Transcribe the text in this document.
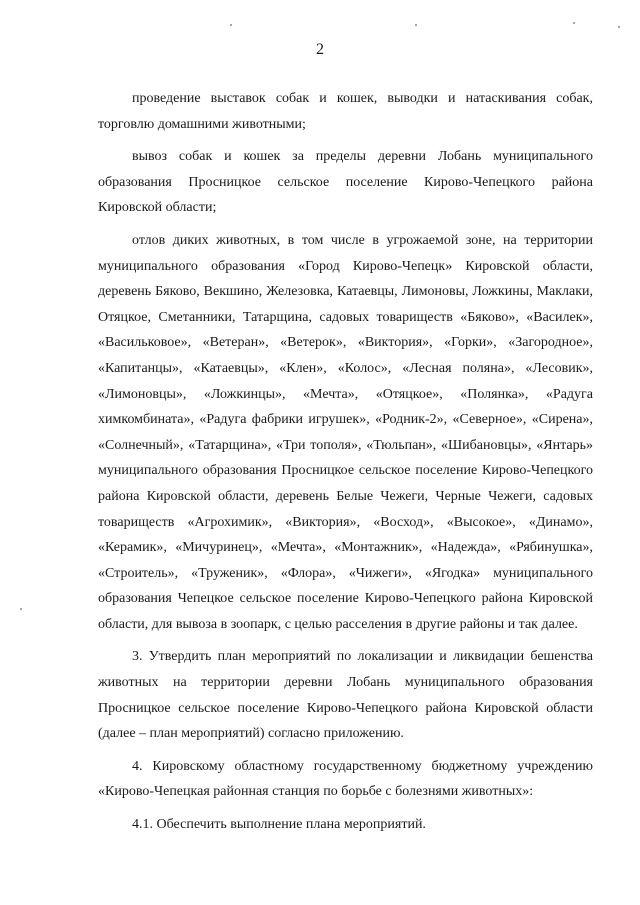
2

проведение выставок собак и кошек, выводки и натаскивания собак, торговлю домашними животными;

вывоз собак и кошек за пределы деревни Лобань муниципального образования Просницкое сельское поселение Кирово-Чепецкого района Кировской области;

отлов диких животных, в том числе в угрожаемой зоне, на территории муниципального образования «Город Кирово-Чепецк» Кировской области, деревень Бяково, Векшино, Железовка, Катаевцы, Лимоновы, Ложкины, Маклаки, Отяцкое, Сметанники, Татарщина, садовых товариществ «Бяково», «Василек», «Васильковое», «Ветеран», «Ветерок», «Виктория», «Горки», «Загородное», «Капитанцы», «Катаевцы», «Клен», «Колос», «Лесная поляна», «Лесовик», «Лимоновцы», «Ложкинцы», «Мечта», «Отяцкое», «Полянка», «Радуга химкомбината», «Радуга фабрики игрушек», «Родник-2», «Северное», «Сирена», «Солнечный», «Татарщина», «Три тополя», «Тюльпан», «Шибановцы», «Янтарь» муниципального образования Просницкое сельское поселение Кирово-Чепецкого района Кировской области, деревень Белые Чежеги, Черные Чежеги, садовых товариществ «Агрохимик», «Виктория», «Восход», «Высокое», «Динамо», «Керамик», «Мичуринец», «Мечта», «Монтажник», «Надежда», «Рябинушка», «Строитель», «Труженик», «Флора», «Чижеги», «Ягодка» муниципального образования Чепецкое сельское поселение Кирово-Чепецкого района Кировской области, для вывоза в зоопарк, с целью расселения в другие районы и так далее.

3. Утвердить план мероприятий по локализации и ликвидации бешенства животных на территории деревни Лобань муниципального образования Просницкое сельское поселение Кирово-Чепецкого района Кировской области (далее – план мероприятий) согласно приложению.

4. Кировскому областному государственному бюджетному учреждению «Кирово-Чепецкая районная станция по борьбе с болезнями животных»:

4.1. Обеспечить выполнение плана мероприятий.
